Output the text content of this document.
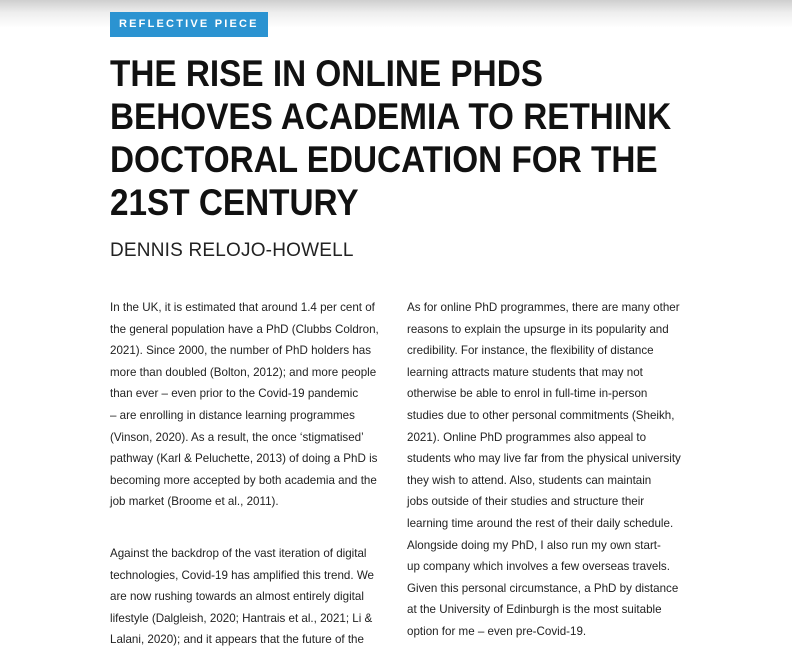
REFLECTIVE PIECE
THE RISE IN ONLINE PHDS
BEHOVES ACADEMIA TO RETHINK
DOCTORAL EDUCATION FOR THE
21ST CENTURY
DENNIS RELOJO-HOWELL

In the UK, it is estimated that around 1.4 per cent of
the general population have a PhD (Clubbs Coldron,
2021). Since 2000, the number of PhD holders has
more than doubled (Bolton, 2012); and more people
than ever – even prior to the Covid-19 pandemic
– are enrolling in distance learning programmes
(Vinson, 2020). As a result, the once ‘stigmatised’
pathway (Karl & Peluchette, 2013) of doing a PhD is
becoming more accepted by both academia and the
job market (Broome et al., 2011).

Against the backdrop of the vast iteration of digital
technologies, Covid-19 has amplified this trend. We
are now rushing towards an almost entirely digital
lifestyle (Dalgleish, 2020; Hantrais et al., 2021; Li &
Lalani, 2020); and it appears that the future of the

As for online PhD programmes, there are many other
reasons to explain the upsurge in its popularity and
credibility. For instance, the flexibility of distance
learning attracts mature students that may not
otherwise be able to enrol in full-time in-person
studies due to other personal commitments (Sheikh,
2021). Online PhD programmes also appeal to
students who may live far from the physical university
they wish to attend. Also, students can maintain
jobs outside of their studies and structure their
learning time around the rest of their daily schedule.
Alongside doing my PhD, I also run my own start-
up company which involves a few overseas travels.
Given this personal circumstance, a PhD by distance
at the University of Edinburgh is the most suitable
option for me – even pre-Covid-19.
